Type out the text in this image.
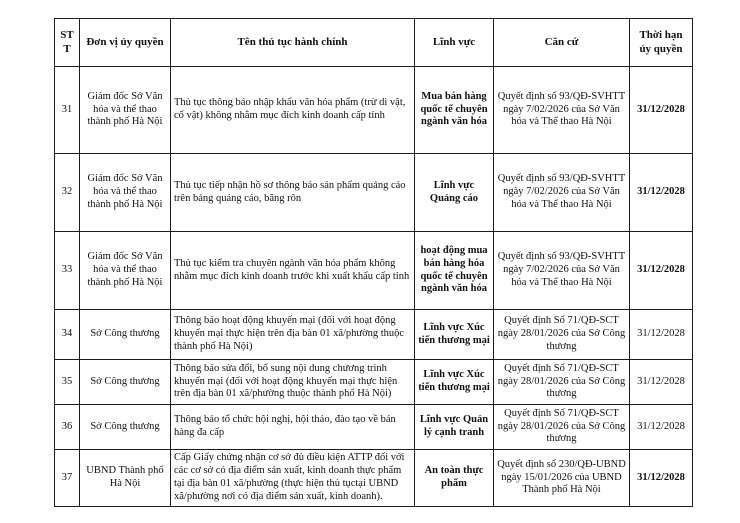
STT	Đơn vị ủy quyền	Tên thủ tục hành chính	Lĩnh vực	Căn cứ	Thời hạn ủy quyền
31	Giám đốc Sở Văn hóa và thể thao thành phố Hà Nội	Thủ tục thông báo nhập khẩu văn hóa phẩm (trừ di vật, cổ vật) không nhằm mục đích kinh doanh cấp tỉnh	Mua bán hàng quốc tế chuyên ngành văn hóa	Quyết định số 93/QĐ-SVHTT ngày 7/02/2026 của Sở Văn hóa và Thể thao Hà Nội	31/12/2028
32	Giám đốc Sở Văn hóa và thể thao thành phố Hà Nội	Thủ tục tiếp nhận hồ sơ thông báo sản phẩm quảng cáo trên bảng quảng cáo, băng rôn	Lĩnh vực Quảng cáo	Quyết định số 93/QĐ-SVHTT ngày 7/02/2026 của Sở Văn hóa và Thể thao Hà Nội	31/12/2028
33	Giám đốc Sở Văn hóa và thể thao thành phố Hà Nội	Thủ tục kiểm tra chuyên ngành văn hóa phẩm không nhằm mục đích kinh doanh trước khi xuất khẩu cấp tỉnh	hoạt động mua bán hàng hóa quốc tế chuyên ngành văn hóa	Quyết định số 93/QĐ-SVHTT ngày 7/02/2026 của Sở Văn hóa và Thể thao Hà Nội	31/12/2028
34	Sở Công thương	Thông báo hoạt động khuyến mại (đối với hoạt động khuyến mại thực hiện trên địa bàn 01 xã/phường thuộc thành phố Hà Nội)	Lĩnh vực Xúc tiến thương mại	Quyết định Số 71/QĐ-SCT ngày 28/01/2026 của Sở Công thương	31/12/2028
35	Sở Công thương	Thông báo sửa đổi, bổ sung nội dung chương trình khuyến mại (đối với hoạt động khuyến mại thực hiện trên địa bàn 01 xã/phường thuộc thành phố Hà Nội)	Lĩnh vực Xúc tiến thương mại	Quyết định Số 71/QĐ-SCT ngày 28/01/2026 của Sở Công thương	31/12/2028
36	Sở Công thương	Thông báo tổ chức hội nghị, hội thảo, đào tạo về bán hàng đa cấp	Lĩnh vực Quản lý cạnh tranh	Quyết định Số 71/QĐ-SCT ngày 28/01/2026 của Sở Công thương	31/12/2028
37	UBND Thành phố Hà Nội	Cấp Giấy chứng nhận cơ sở đủ điều kiện ATTP đối với các cơ sở có địa điểm sản xuất, kinh doanh thực phẩm tại địa bàn 01 xã/phường (thực hiện thủ tụctại UBND xã/phường nơi có địa điểm sản xuất, kinh doanh).	An toàn thực phẩm	Quyết định số 230/QĐ-UBND ngày 15/01/2026 của UBND Thành phố Hà Nội	31/12/2028
